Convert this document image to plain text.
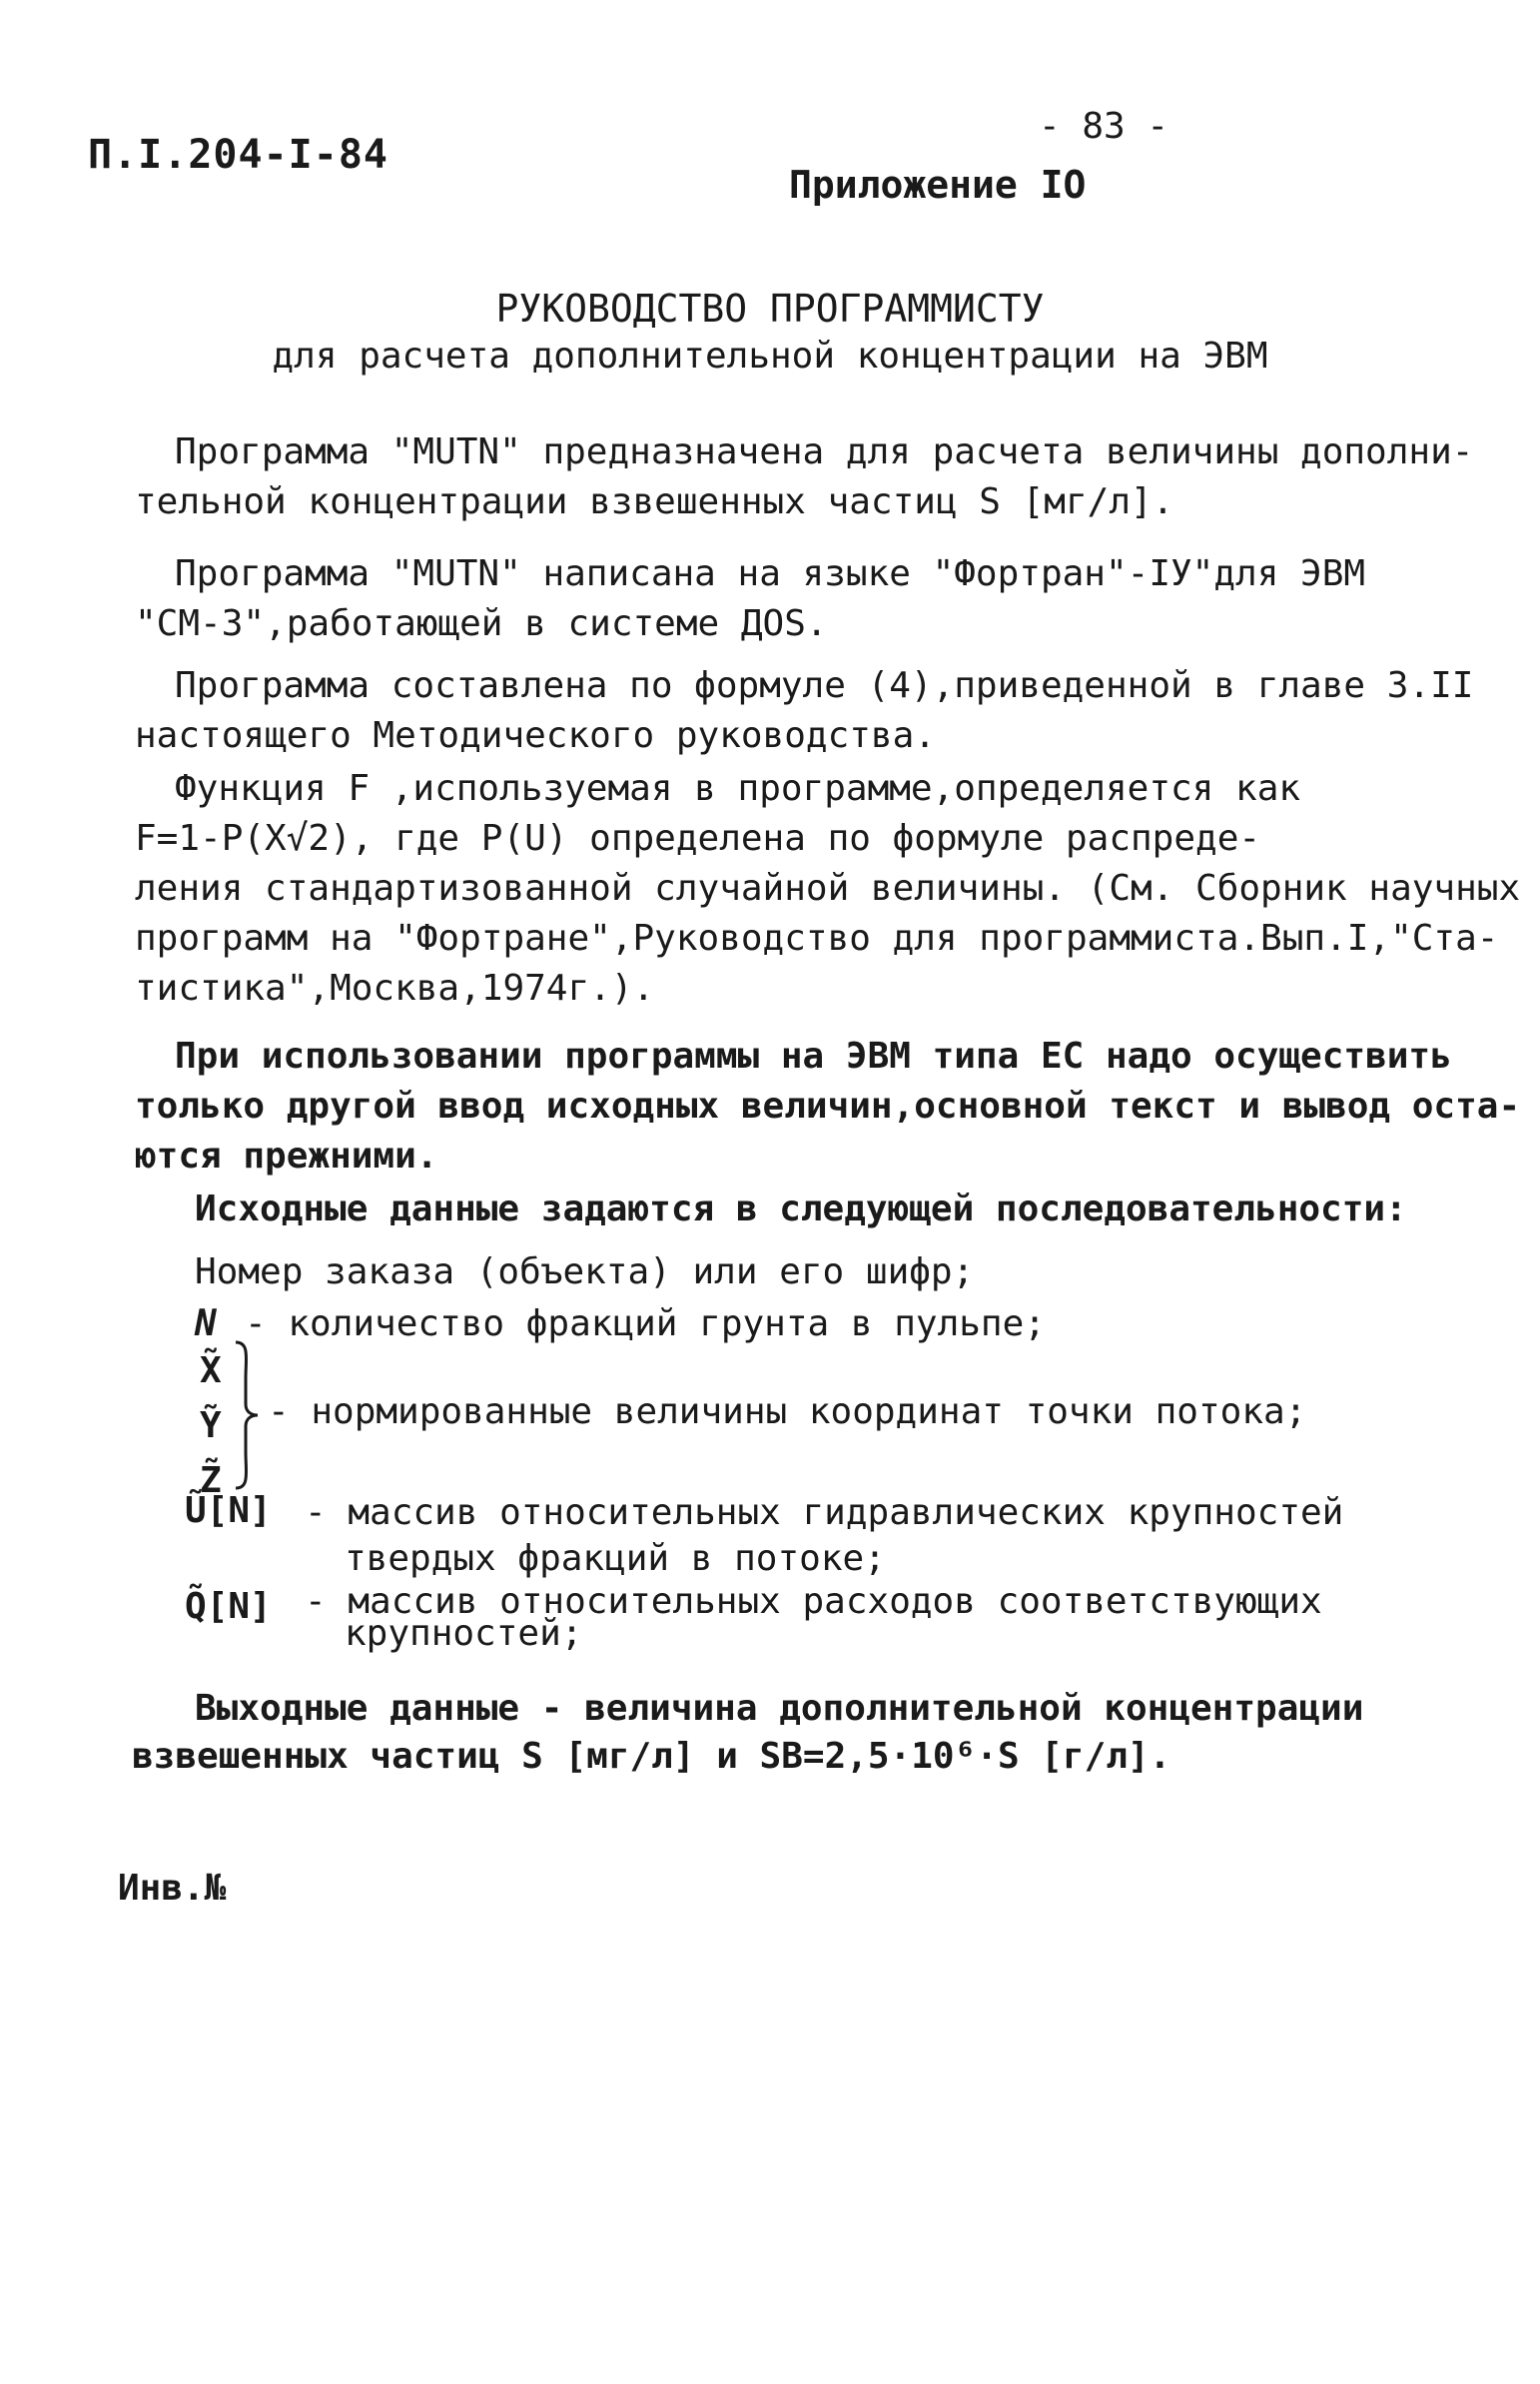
П.І.204-І-84
- 83 -
Приложение IO
РУКОВОДСТВО ПРОГРАММИСТУ
для расчета дополнительной концентрации на ЭВМ
Программа "МUТN" предназначена для расчета величины дополни-
тельной концентрации взвешенных частиц S [мг/л].
Программа "МUТN" написана на языке "Фортран"-IУ"для ЭВМ
"СМ-3",работающей в системе ДОS.
Программа составлена по формуле (4),приведенной в главе 3.II
настоящего Методического руководства.
Функция F ,используемая в программе,определяется как
F=1-P(X√2), где P(U) определена по формуле распреде-
ления стандартизованной случайной величины. (См. Сборник научных
программ на "Фортране",Руководство для программиста.Вып.I,"Ста-
тистика",Москва,1974г.).
При использовании программы на ЭВМ типа ЕС надо осуществить
только другой ввод исходных величин,основной текст и вывод оста-
ются прежними.
Исходные данные задаются в следующей последовательности:
Номер заказа (объекта) или его шифр;
N - количество фракций грунта в пульпе;
X̃
Ỹ
Z̃
- нормированные величины координат точки потока;
Ũ[N] - массив относительных гидравлических крупностей
твердых фракций в потоке;
Q̃[N] - массив относительных расходов соответствующих
крупностей;
Выходные данные - величина дополнительной концентрации
взвешенных частиц S [мг/л] и SВ=2,5·10⁶·S [г/л].
Инв.№
